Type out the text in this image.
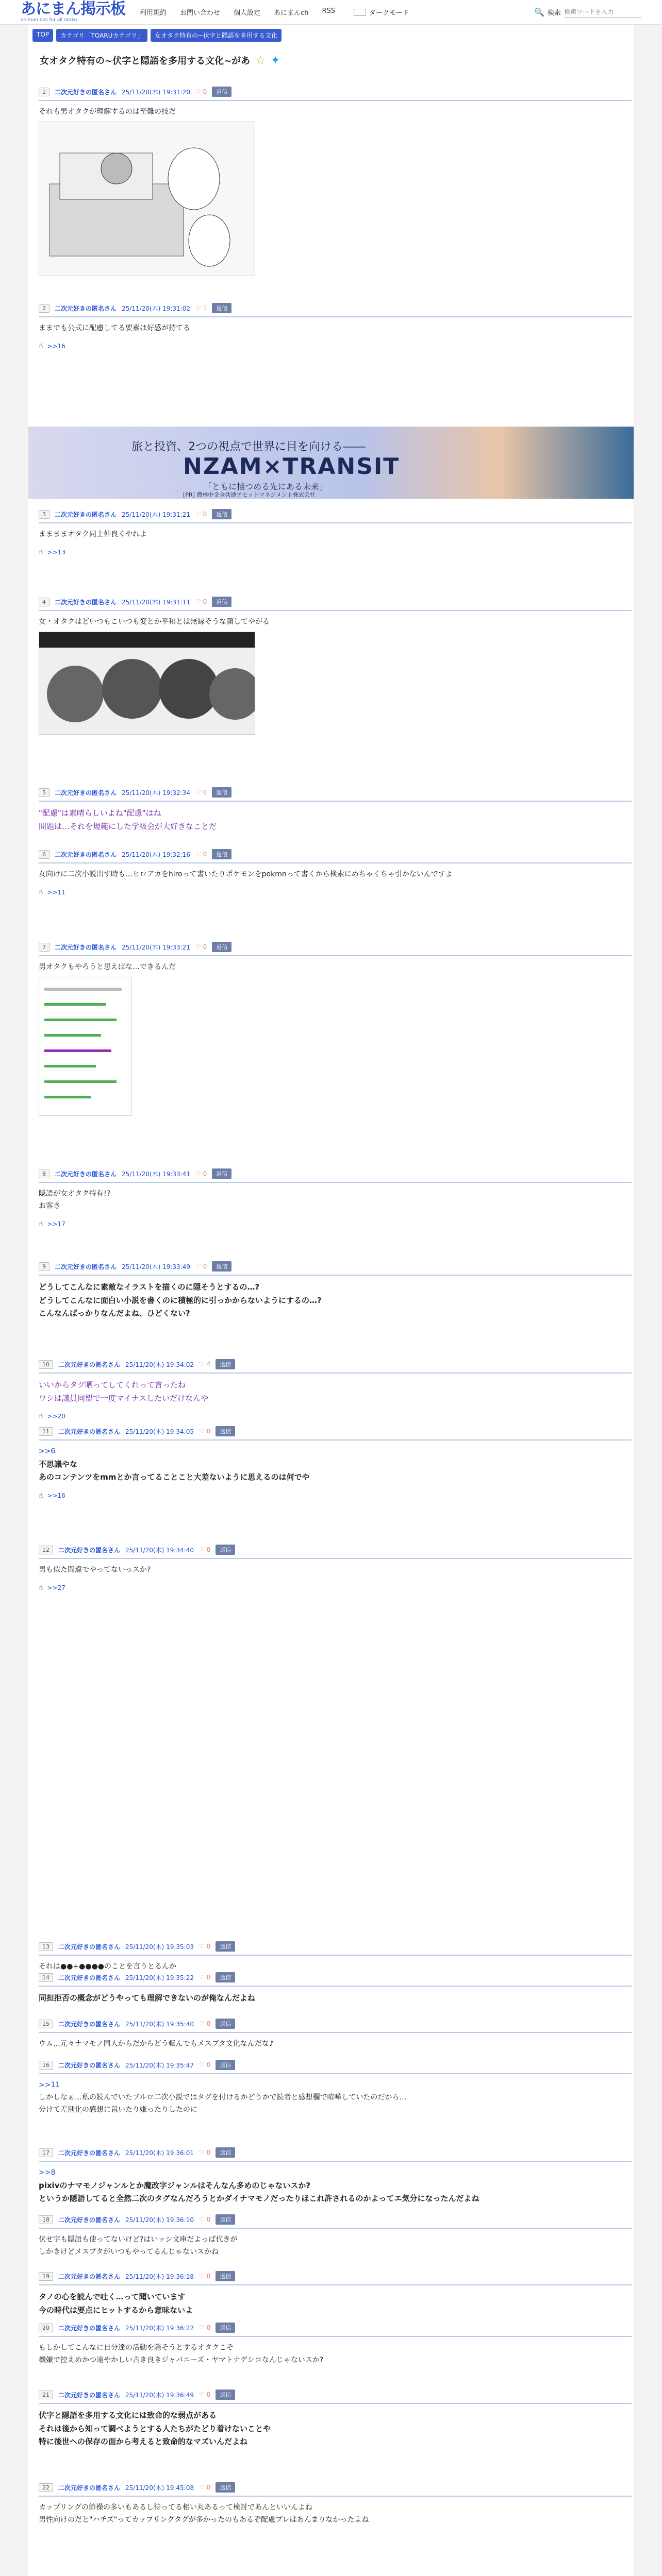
あにまん掲示板
animan bbs for all otaku
利用規約 お問い合わせ 個人設定 あにまんch RSS	ダークモード	🔍 検索
検索ワードを入力
TOP	カテゴリ「TOARUカテゴリ」	女オタク特有の~伏字と隠語を多用する文化
女オタク特有の~伏字と隠語を多用する文化~があ ☆ ✦
旅と投資、2つの視点で世界に目を向ける――
NZAM×TRANSIT
「ともに描つめる先にある未来」
[PR] 農林中金全共連アセットマネジメント株式会社
1	二次元好きの匿名さん 25/11/20(木) 19:31:20 ♡ 0	返信
それも男オタクが理解するのは至難の技だ
2	二次元好きの匿名さん 25/11/20(木) 19:31:02 ♡ 1	返信
ままでも公式に配慮してる要素は好感が持てる
☝ >>16
3	二次元好きの匿名さん 25/11/20(木) 19:31:21 ♡ 0	返信
ままままオタク同士仲良くやれよ
☝ >>13
4	二次元好きの匿名さん 25/11/20(木) 19:31:11 ♡ 0	返信
女・オタクはどいつもこいつも変とか平和とは無縁そうな顔してやがる
5	二次元好きの匿名さん 25/11/20(木) 19:32:34 ♡ 0	返信
"配慮"は素晴らしいよね"配慮"はね
問題は…それを規範にした学級会が大好きなことだ
6	二次元好きの匿名さん 25/11/20(木) 19:32:16 ♡ 0	返信
女向けに二次小説出す時も…ヒロアカをhiroって書いたりポケモンをpokmnって書くから検索にめちゃくちゃ引かないんですよ
☝ >>11
7	二次元好きの匿名さん 25/11/20(木) 19:33:21 ♡ 0	返信
男オタクもやろうと思えばな…できるんだ
8	二次元好きの匿名さん 25/11/20(木) 19:33:41 ♡ 0	返信
隠語が女オタク特有!?
お客さ
☝ >>17
9	二次元好きの匿名さん 25/11/20(木) 19:33:49 ♡ 0	返信
どうしてこんなに素敵なイラストを描くのに隠そうとするの…?
どうしてこんなに面白い小説を書くのに積極的に引っかからないようにするの…?
こんなんばっかりなんだよね、ひどくない?
10	二次元好きの匿名さん 25/11/20(木) 19:34:02 ♡ 4	返信
いいからタグ晒ってしてくれって言ったね
ワシは議員同盟で一度マイナスしたいだけなんや
☝ >>20
11	二次元好きの匿名さん 25/11/20(木) 19:34:05 ♡ 0	返信
>>6
不思議やな
あのコンテンツをmmとか言ってることこと大差ないように思えるのは何でや
☝ >>16
12	二次元好きの匿名さん 25/11/20(木) 19:34:40 ♡ 0	返信
男も似た間違でやってないっスか?
☝ >>27
13	二次元好きの匿名さん 25/11/20(木) 19:35:03 ♡ 0	返信
それは●●+●●●●のことを言うとるんか
14	二次元好きの匿名さん 25/11/20(木) 19:35:22 ♡ 0	返信
同担拒否の概念がどうやっても理解できないのが俺なんだよね
15	二次元好きの匿名さん 25/11/20(木) 19:35:40 ♡ 0	返信
ウム…元々ナマモノ同人からだからどう転んでもメスブタ文化なんだな♪
16	二次元好きの匿名さん 25/11/20(木) 19:35:47 ♡ 0	返信
>>11
しかしなぁ…私の読んでいたブルロ二次小説ではタグを付けるかどうかで読者と感想欄で喧嘩していたのだから…
分けて差別化の感想に置いたり嫌ったりしたのに
17	二次元好きの匿名さん 25/11/20(木) 19:36:01 ♡ 0	返信
>>8
pixivのナマモノジャンルとか魔改字ジャンルはそんなん多めのじゃないスか?
というか隠語してると全然二次のタグなんだろうとかダイナマモノだったりほこれ許されるのかよってエ気分になったんだよね
18	二次元好きの匿名さん 25/11/20(木) 19:36:10 ♡ 0	返信
伏せ字も隠語も使ってないけど?はいッシ文庫だよっぱ代きが
しかきけどメスブタがいつもやってるんじゃないスかね
19	二次元好きの匿名さん 25/11/20(木) 19:36:18 ♡ 0	返信
タノの心を読んで吐く…って聞いています
今の時代は要点にヒットするから意味ないよ
20	二次元好きの匿名さん 25/11/20(木) 19:36:22 ♡ 0	返信
もしかしてこんなに自分達の活動を隠そうとするオタクこそ
機嫌で控えめかつ遠やかしい古き良きジャパニーズ・ヤマトナデシコなんじゃないスか?
21	二次元好きの匿名さん 25/11/20(木) 19:36:49 ♡ 0	返信
伏字と隠語を多用する文化には致命的な弱点がある
それは後から知って調べようとする人たちがたどり着けないことや
特に後世への保存の面から考えると致命的なマズいんだよね
22	二次元好きの匿名さん 25/11/20(木) 19:45:08 ♡ 0	返信
カップリングの節操の多いもあるし待ってる相い丸あるって検討であんといいんよね
男性向けのだと"ハチズ"ってカップリングタグが多かったのもあるぞ配慮ブレはあんまりなかったよね
